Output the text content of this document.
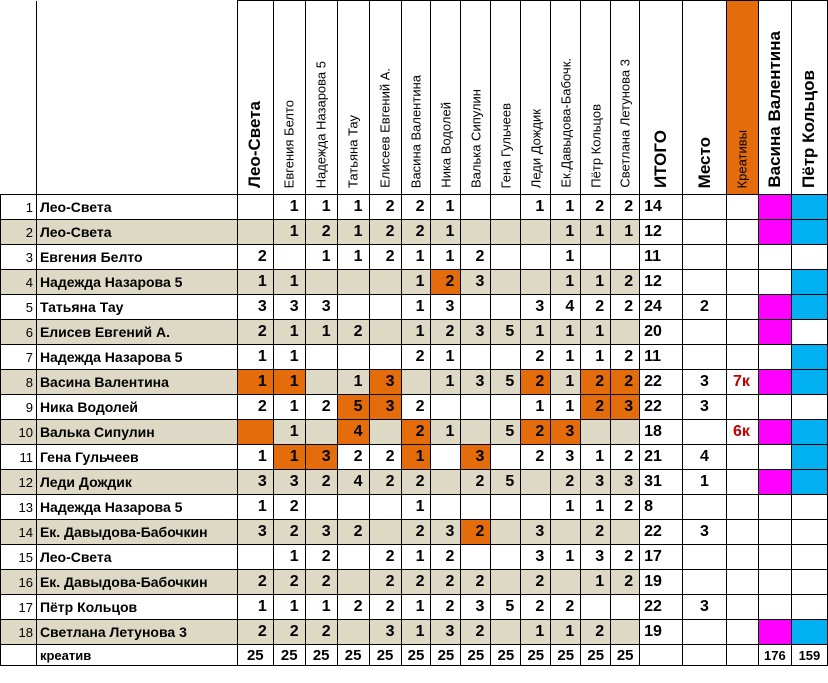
		Лео-Света	Евгения Белто	Надежда Назарова 5	Татьяна Тау	Елисеев Евгений А.	Васина Валентина	Ника Водолей	Валька Сипулин	Гена Гульчеев	Леди Дождик	Ек.Давыдова-Бабочк.	Пётр Кольцов	Светлана Летунова 3	ИТОГО	Место	Креативы	Васина Валентина	Пётр Кольцов

1	Лео-Света		1	1	1	2	2	1			1	1	2	2	14				
2	Лео-Света		1	2	1	2	2	1				1	1	1	12				
3	Евгения Белто	2		1	1	2	1	1	2			1			11				
4	Надежда Назарова 5	1	1				1	2	3			1	1	2	12				
5	Татьяна Тау	3	3	3			1	3			3	4	2	2	24	2			
6	Елисев Евгений А.	2	1	1	2		1	2	3	5	1	1	1		20				
7	Надежда Назарова 5	1	1				2	1			2	1	1	2	11				
8	Васина Валентина	1	1		1	3		1	3	5	2	1	2	2	22	3	7к		
9	Ника Водолей	2	1	2	5	3	2				1	1	2	3	22	3			
10	Валька Сипулин		1		4		2	1		5	2	3			18		6к		
11	Гена Гульчеев	1	1	3	2	2	1		3		2	3	1	2	21	4			
12	Леди Дождик	3	3	2	4	2	2		2	5		2	3	3	31	1			
13	Надежда Назарова 5	1	2				1					1	1	2	8				
14	Ек. Давыдова-Бабочкин	3	2	3	2		2	3	2		3		2		22	3			
15	Лео-Света		1	2		2	1	2			3	1	3	2	17				
16	Ек. Давыдова-Бабочкин	2	2	2		2	2	2	2		2		1	2	19				
17	Пётр Кольцов	1	1	1	2	2	1	2	3	5	2	2			22	3			
18	Светлана Летунова 3	2	2	2		3	1	3	2		1	1	2		19				
	креатив	25	25	25	25	25	25	25	25	25	25	25	25	25				176	159
